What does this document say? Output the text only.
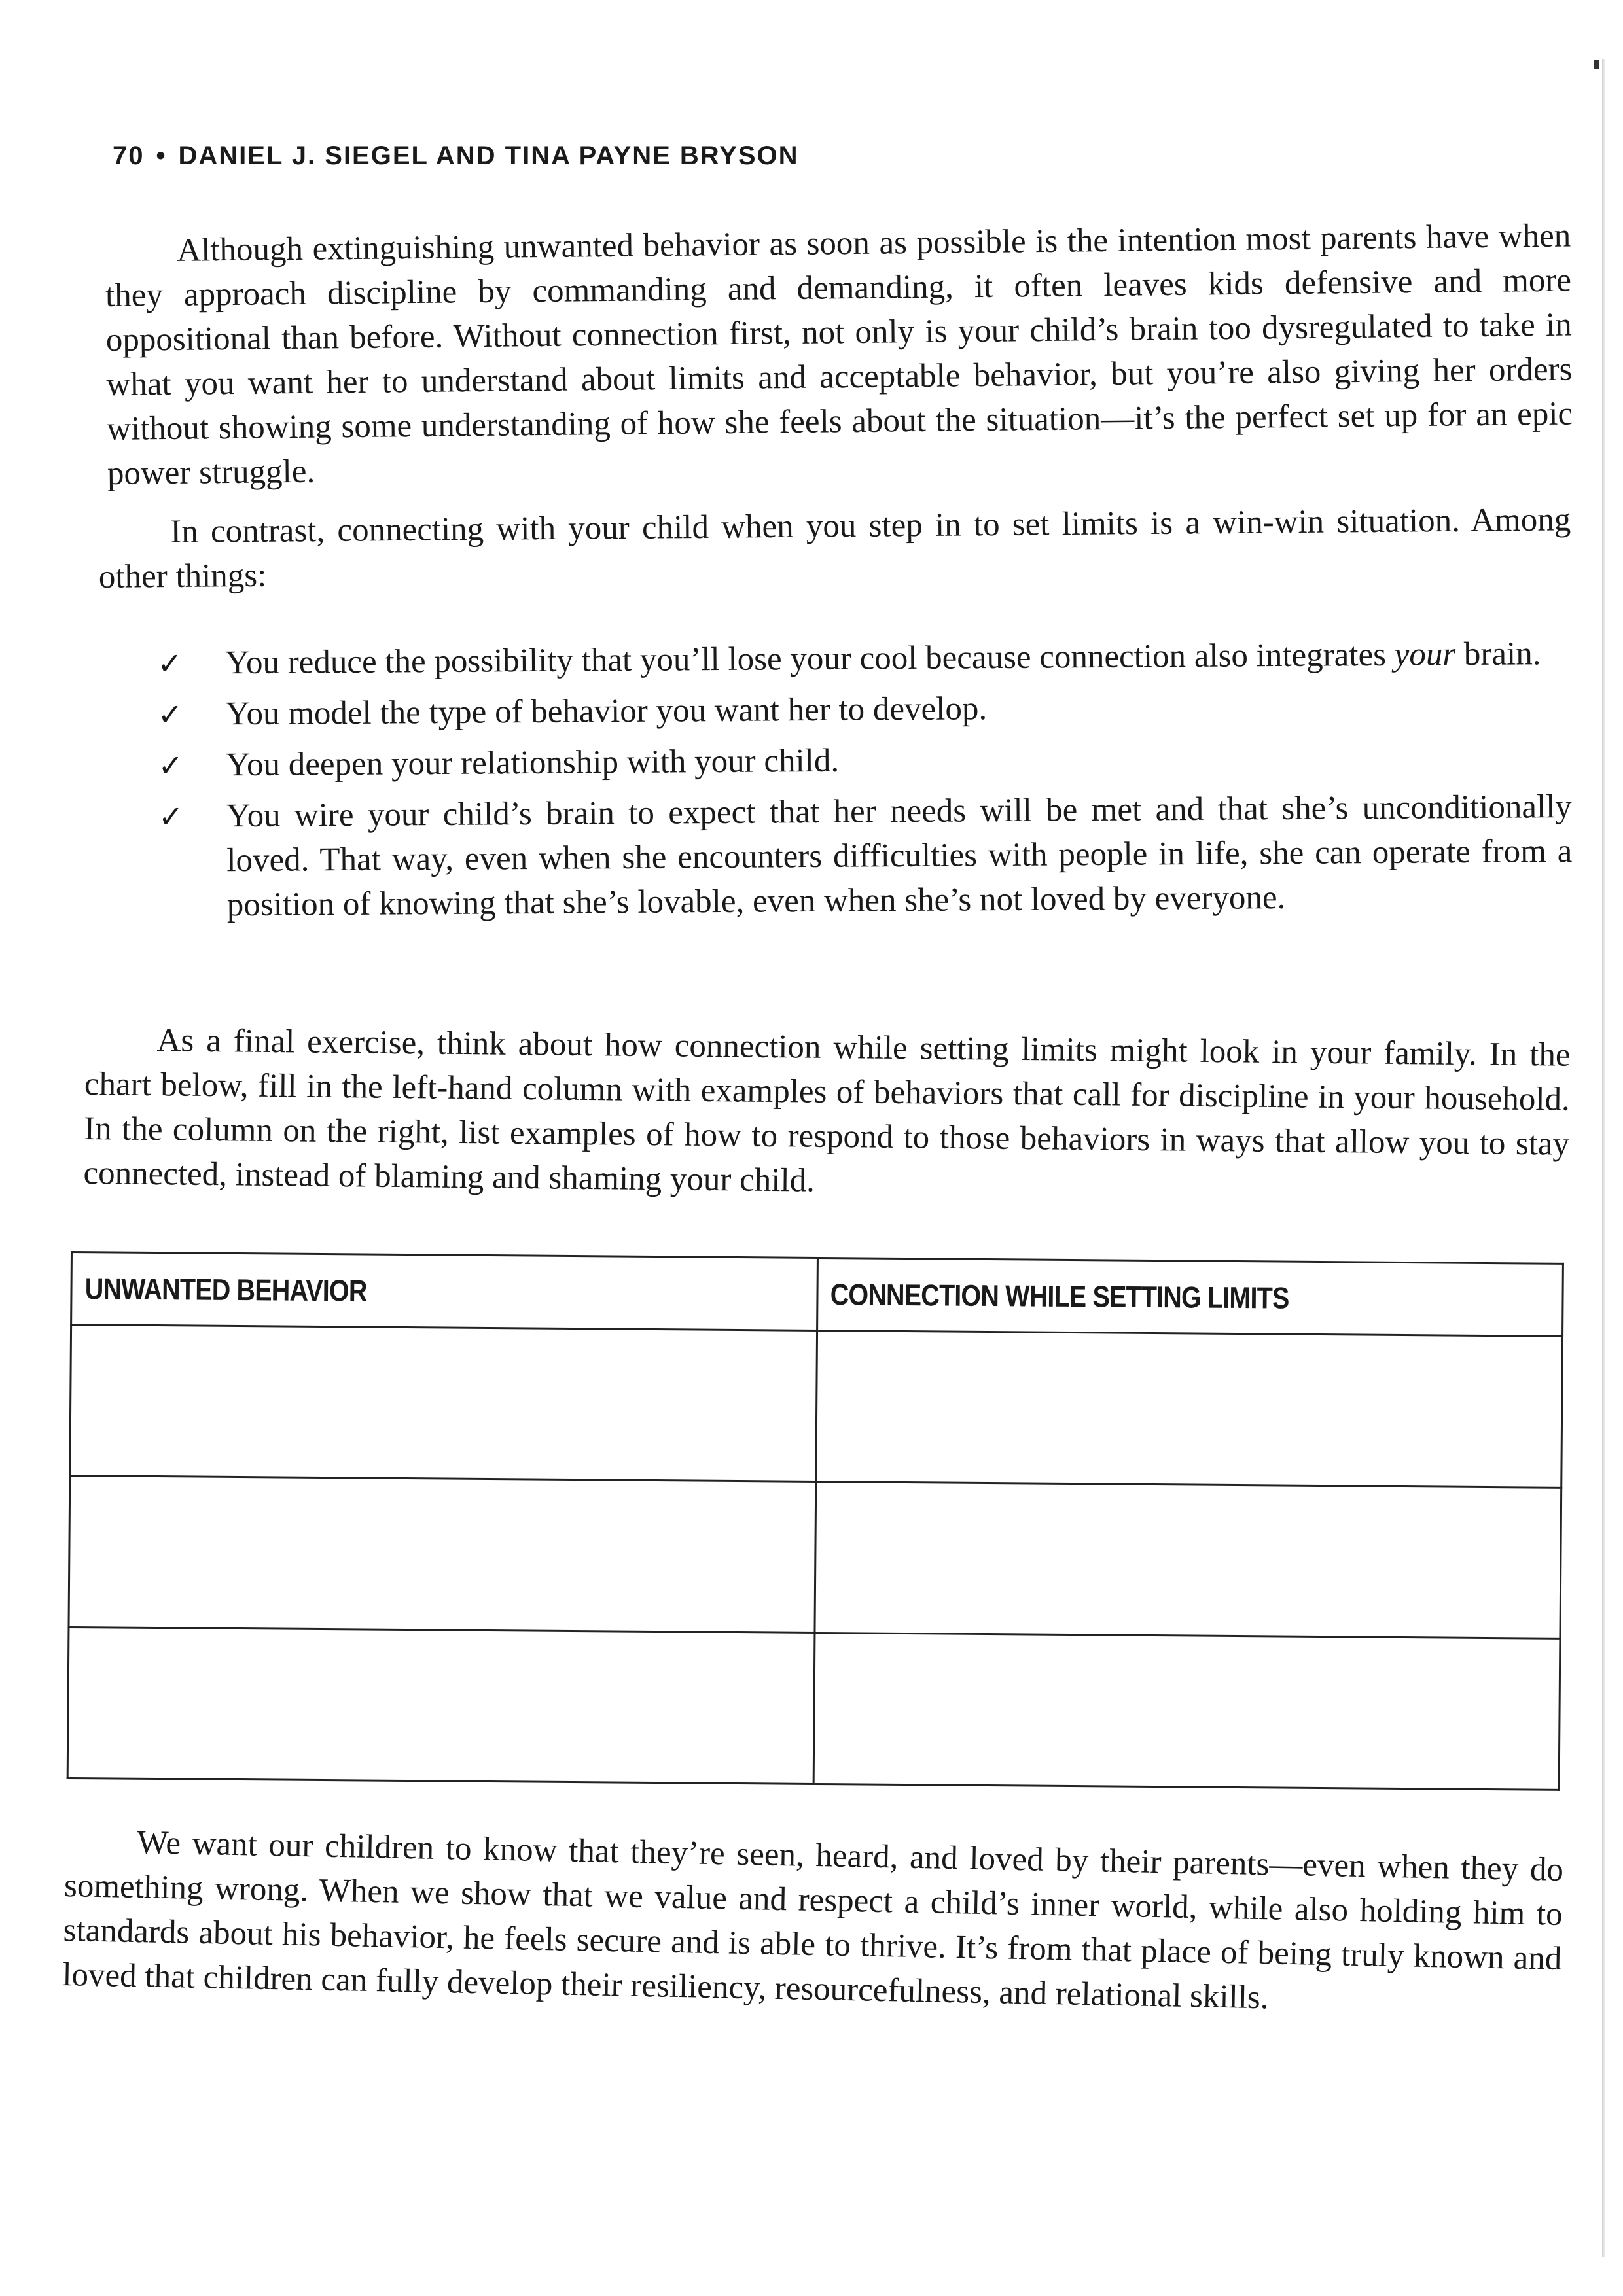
70 • DANIEL J. SIEGEL AND TINA PAYNE BRYSON

Although extinguishing unwanted behavior as soon as possible is the intention most parents have when they approach discipline by commanding and demanding, it often leaves kids defensive and more oppositional than before. Without connection first, not only is your child’s brain too dysregulated to take in what you want her to understand about limits and acceptable behavior, but you’re also giving her orders without showing some understanding of how she feels about the situation—it’s the perfect set up for an epic power struggle.

In contrast, connecting with your child when you step in to set limits is a win-win situation. Among other things:

✓ You reduce the possibility that you’ll lose your cool because connection also integrates your brain.
✓ You model the type of behavior you want her to develop.
✓ You deepen your relationship with your child.
✓ You wire your child’s brain to expect that her needs will be met and that she’s unconditionally loved. That way, even when she encounters difficulties with people in life, she can operate from a position of knowing that she’s lovable, even when she’s not loved by everyone.

As a final exercise, think about how connection while setting limits might look in your family. In the chart below, fill in the left-hand column with examples of behaviors that call for discipline in your household. In the column on the right, list examples of how to respond to those behaviors in ways that allow you to stay connected, instead of blaming and shaming your child.

UNWANTED BEHAVIOR	CONNECTION WHILE SETTING LIMITS

We want our children to know that they’re seen, heard, and loved by their parents—even when they do something wrong. When we show that we value and respect a child’s inner world, while also holding him to standards about his behavior, he feels secure and is able to thrive. It’s from that place of being truly known and loved that children can fully develop their resiliency, resourcefulness, and relational skills.
